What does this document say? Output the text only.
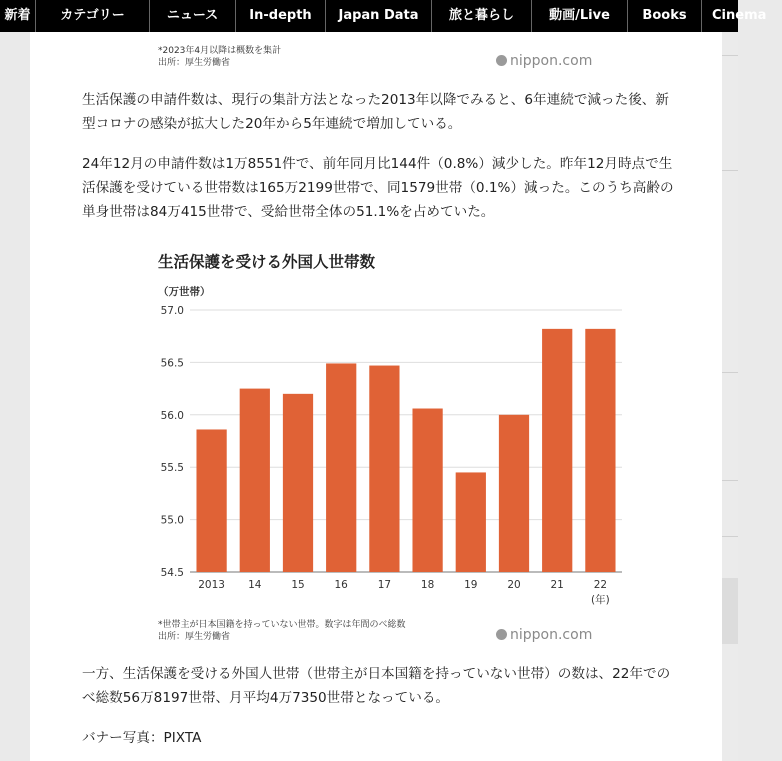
新着	カテゴリー	ニュース	In-depth	Japan Data	旅と暮らし	動画/Live	Books	Cinema
*2023年4月以降は概数を集計
出所：厚生労働省	nippon.com

生活保護の申請件数は、現行の集計方法となった2013年以降でみると、6年連続で減った後、新型コロナの感染が拡大した20年から5年連続で増加している。

24年12月の申請件数は1万8551件で、前年同月比144件（0.8%）減少した。昨年12月時点で生活保護を受けている世帯数は165万2199世帯で、同1579世帯（0.1%）減った。このうち高齢の単身世帯は84万415世帯で、受給世帯全体の51.1%を占めていた。

生活保護を受ける外国人世帯数
（万世帯）
54.5
55.0
55.5
56.0
56.5
57.0
2013 14	15	16	17	18	19	20	21	22
(年)
*世帯主が日本国籍を持っていない世帯。数字は年間のべ総数
出所：厚生労働省	nippon.com

一方、生活保護を受ける外国人世帯（世帯主が日本国籍を持っていない世帯）の数は、22年でのべ総数56万8197世帯、月平均4万7350世帯となっている。

バナー写真：PIXTA
